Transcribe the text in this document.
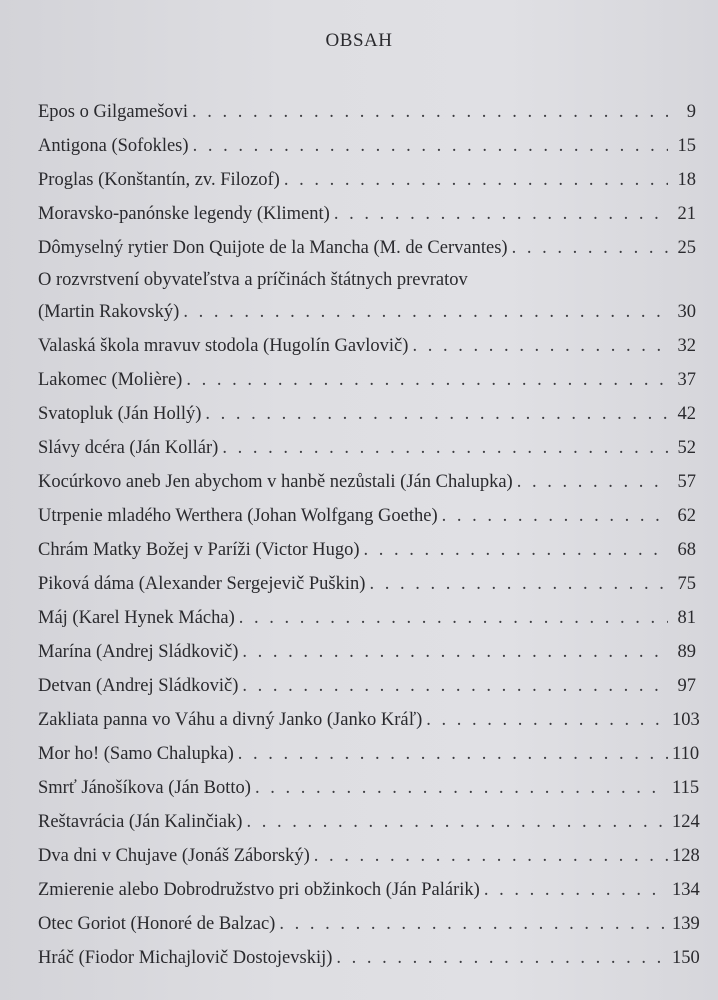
OBSAH
Epos o Gilgamešovi . . .	9
Antigona (Sofokles) . . .	15
Proglas (Konštantín, zv. Filozof) . . .	18
Moravsko-panónske legendy (Kliment) . . .	21
Dômyselný rytier Don Quijote de la Mancha (M. de Cervantes) . . .	25
O rozvrstvení obyvateľstva a príčinách štátnych prevratov
(Martin Rakovský) . . .	30
Valaská škola mravuv stodola (Hugolín Gavlovič) . . .	32
Lakomec (Molière) . . .	37
Svatopluk (Ján Hollý) . . .	42
Slávy dcéra (Ján Kollár) . . .	52
Kocúrkovo aneb Jen abychom v hanbě nezůstali (Ján Chalupka) . . .	57
Utrpenie mladého Werthera (Johan Wolfgang Goethe) . . .	62
Chrám Matky Božej v Paríži (Victor Hugo) . . .	68
Piková dáma (Alexander Sergejevič Puškin) . . .	75
Máj (Karel Hynek Mácha) . . .	81
Marína (Andrej Sládkovič) . . .	89
Detvan (Andrej Sládkovič) . . .	97
Zakliata panna vo Váhu a divný Janko (Janko Kráľ) . . .	103
Mor ho! (Samo Chalupka) . . .	110
Smrť Jánošíkova (Ján Botto) . . .	115
Reštavrácia (Ján Kalinčiak) . . .	124
Dva dni v Chujave (Jonáš Záborský) . . .	128
Zmierenie alebo Dobrodružstvo pri obžinkoch (Ján Palárik) . . .	134
Otec Goriot (Honoré de Balzac) . . .	139
Hráč (Fiodor Michajlovič Dostojevskij) . . .	150
